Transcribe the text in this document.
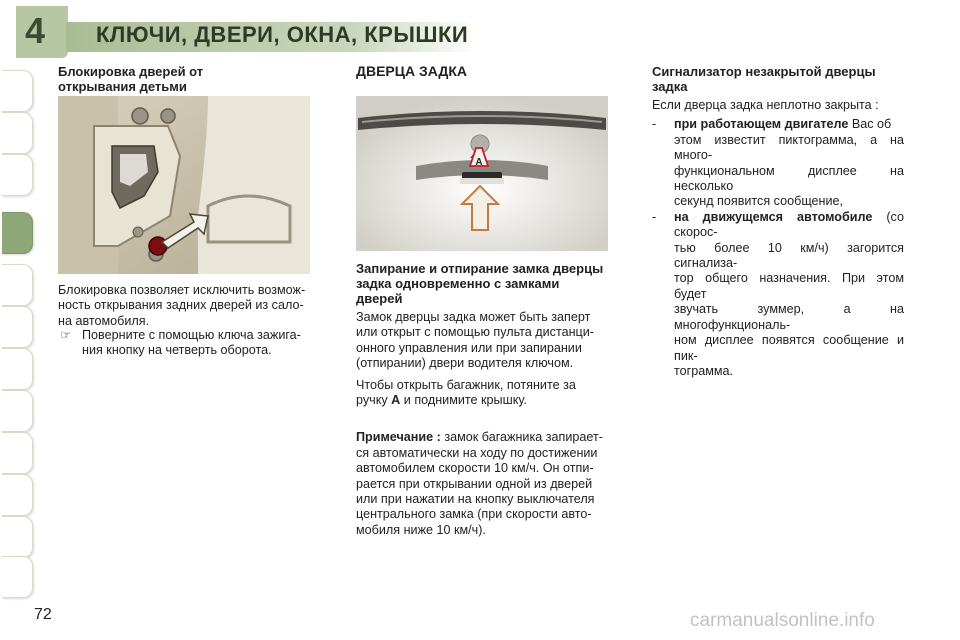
4 КЛЮЧИ, ДВЕРИ, ОКНА, КРЫШКИ
Блокировка дверей от
открывания детьми
Блокировка позволяет исключить возмож-
ность открывания задних дверей из сало-
на автомобиля.
☞ Поверните с помощью ключа зажига-
ния кнопку на четверть оборота.
ДВЕРЦА ЗАДКА
A
Запирание и отпирание замка дверцы
задка одновременно с замками дверей
Замок дверцы задка может быть заперт
или открыт с помощью пульта дистанци-
онного управления или при запирании
(отпирании) двери водителя ключом.
Чтобы открыть багажник, потяните за
ручку A и поднимите крышку.
Примечание : замок багажника запирает-
ся автоматически на ходу по достижении
автомобилем скорости 10 км/ч. Он отпи-
рается при открывании одной из дверей
или при нажатии на кнопку выключателя
центрального замка (при скорости авто-
мобиля ниже 10 км/ч).
Сигнализатор незакрытой дверцы
задка
Если дверца задка неплотно закрыта :
-	при работающем двигателе Вас об
этом известит пиктограмма, а на много-
функциональном дисплее на несколько
секунд появится сообщение,
-	на движущемся автомобиле (со скорос-
тью более 10 км/ч) загорится сигнализа-
тор общего назначения. При этом будет
звучать зуммер, а на многофункциональ-
ном дисплее появятся сообщение и пик-
тограмма.
72	carmanualsonline.info
